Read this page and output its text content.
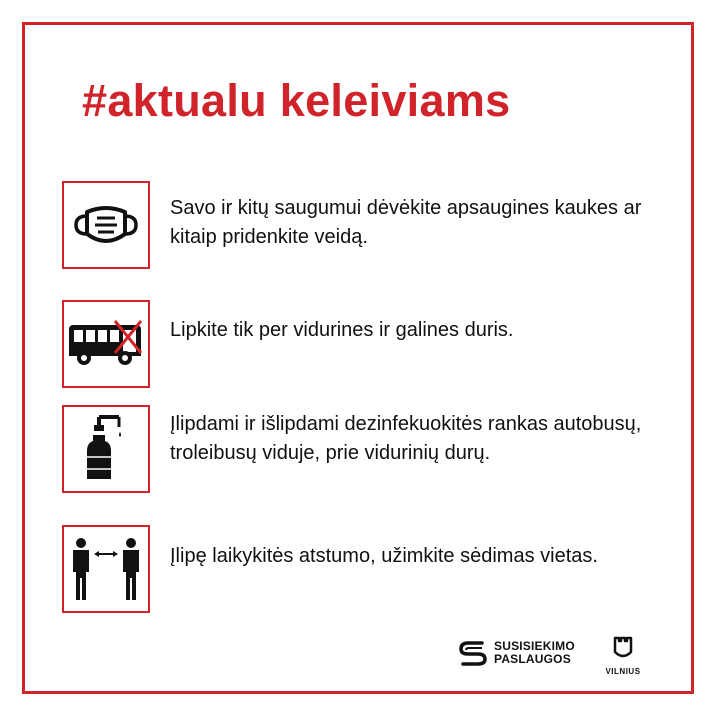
#aktualu keleiviams

Savo ir kitų saugumui dėvėkite apsaugines kaukes ar kitaip pridenkite veidą.

Lipkite tik per vidurines ir galines duris.

Įlipdami ir išlipdami dezinfekuokitės rankas autobusų, troleibusų viduje, prie vidurinių durų.

Įlipę laikykitės atstumo, užimkite sėdimas vietas.

SUSISIEKIMO
PASLAUGOS
VILNIUS
